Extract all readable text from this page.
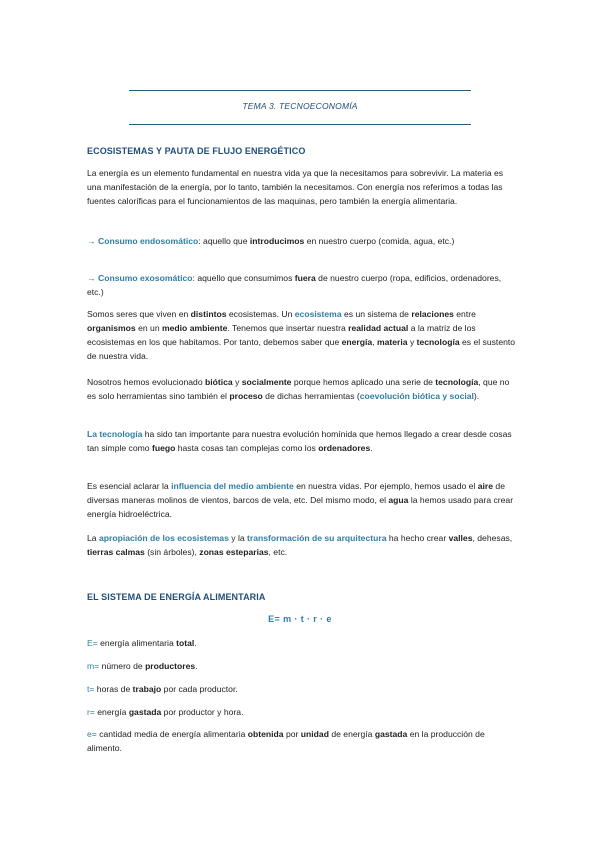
TEMA 3. TECNOECONOMÍA
ECOSISTEMAS Y PAUTA DE FLUJO ENERGÉTICO
La energía es un elemento fundamental en nuestra vida ya que la necesitamos para sobrevivir. La materia es una manifestación de la energía, por lo tanto, también la necesitamos. Con energía nos referimos a todas las fuentes caloríficas para el funcionamientos de las maquinas, pero también la energía alimentaria.
→ Consumo endosomático: aquello que introducimos en nuestro cuerpo (comida, agua, etc.)
→ Consumo exosomático: aquello que consumimos fuera de nuestro cuerpo (ropa, edificios, ordenadores, etc.)
Somos seres que viven en distintos ecosistemas. Un ecosistema es un sistema de relaciones entre organismos en un medio ambiente. Tenemos que insertar nuestra realidad actual a la matriz de los ecosistemas en los que habitamos. Por tanto, debemos saber que energía, materia y tecnología es el sustento de nuestra vida.
Nosotros hemos evolucionado biótica y socialmente porque hemos aplicado una serie de tecnología, que no es solo herramientas sino también el proceso de dichas herramientas (coevolución biótica y social).
La tecnología ha sido tan importante para nuestra evolución homínida que hemos llegado a crear desde cosas tan simple como fuego hasta cosas tan complejas como los ordenadores.
Es esencial aclarar la influencia del medio ambiente en nuestra vidas. Por ejemplo, hemos usado el aire de diversas maneras molinos de vientos, barcos de vela, etc. Del mismo modo, el agua la hemos usado para crear energía hidroeléctrica.
La apropiación de los ecosistemas y la transformación de su arquitectura ha hecho crear valles, dehesas, tierras calmas (sin árboles), zonas esteparias, etc.
EL SISTEMA DE ENERGÍA ALIMENTARIA
E= m · t · r · e
E= energía alimentaria total.
m= número de productores.
t= horas de trabajo por cada productor.
r= energía gastada por productor y hora.
e= cantidad media de energía alimentaria obtenida por unidad de energía gastada en la producción de alimento.
